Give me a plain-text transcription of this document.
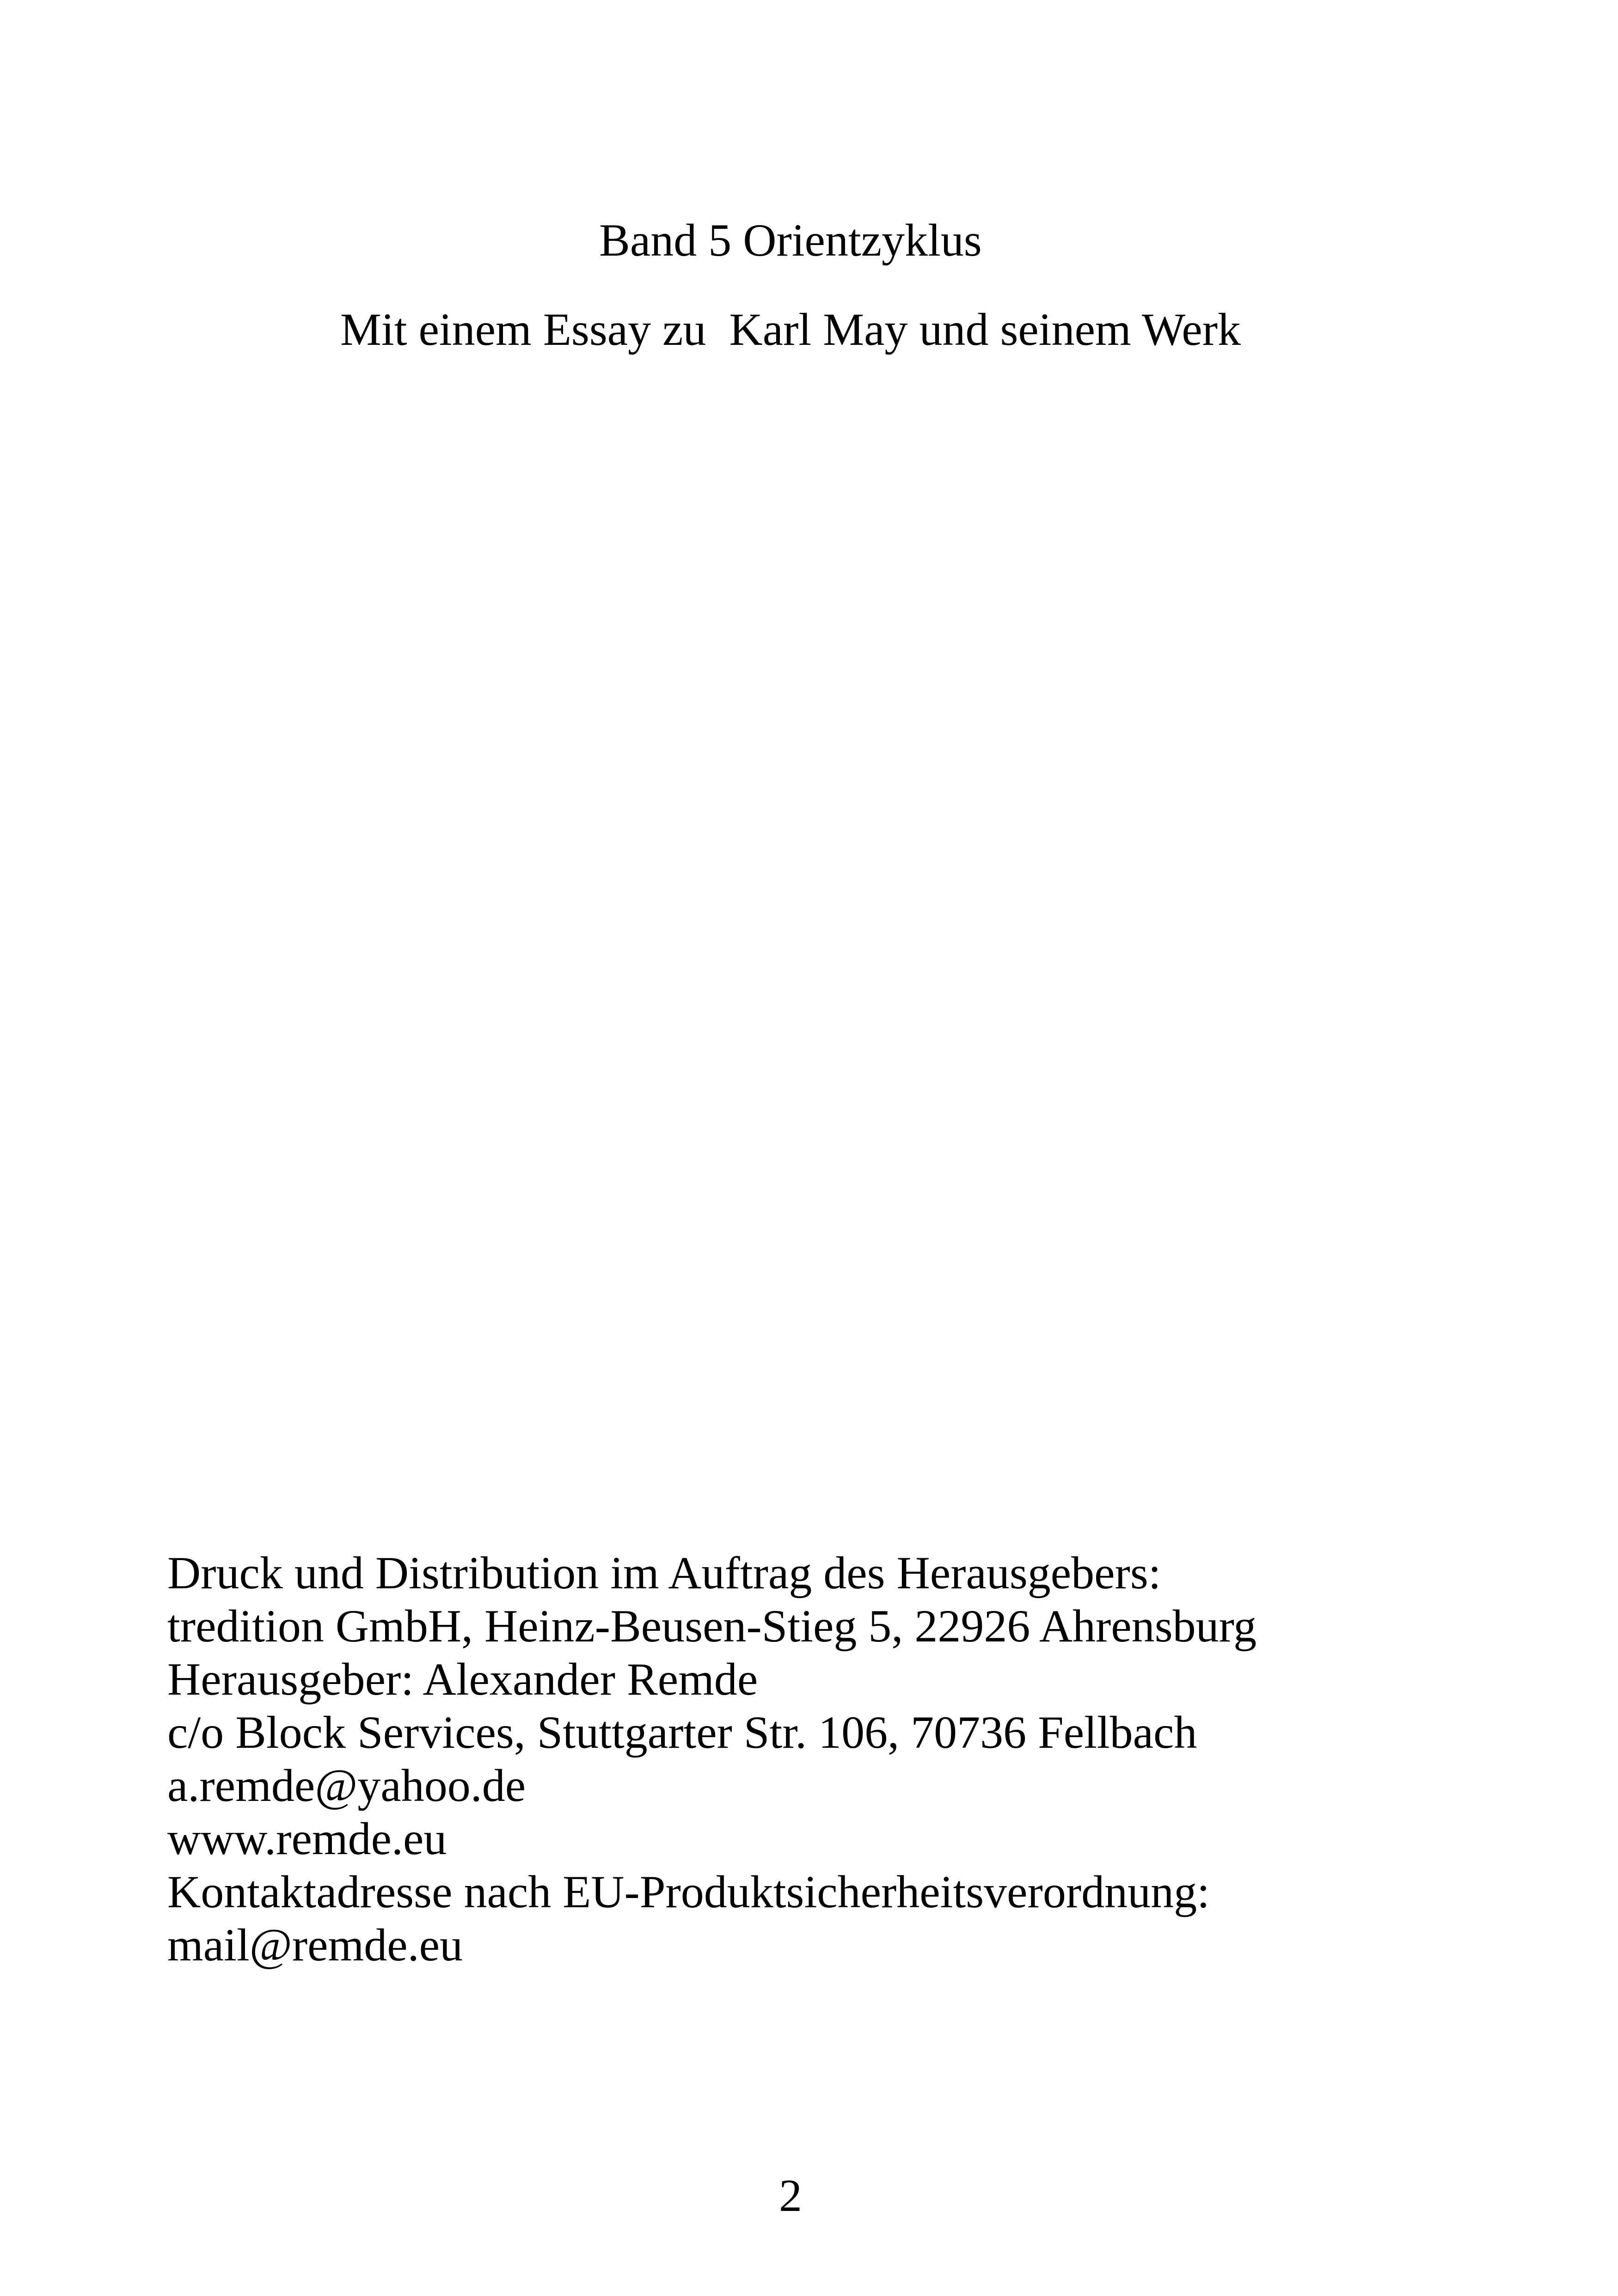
Band 5 Orientzyklus
Mit einem Essay zu  Karl May und seinem Werk
Druck und Distribution im Auftrag des Herausgebers:
tredition GmbH, Heinz-Beusen-Stieg 5, 22926 Ahrensburg
Herausgeber: Alexander Remde
c/o Block Services, Stuttgarter Str. 106, 70736 Fellbach
a.remde@yahoo.de
www.remde.eu
Kontaktadresse nach EU-Produktsicherheitsverordnung:
mail@remde.eu
2
